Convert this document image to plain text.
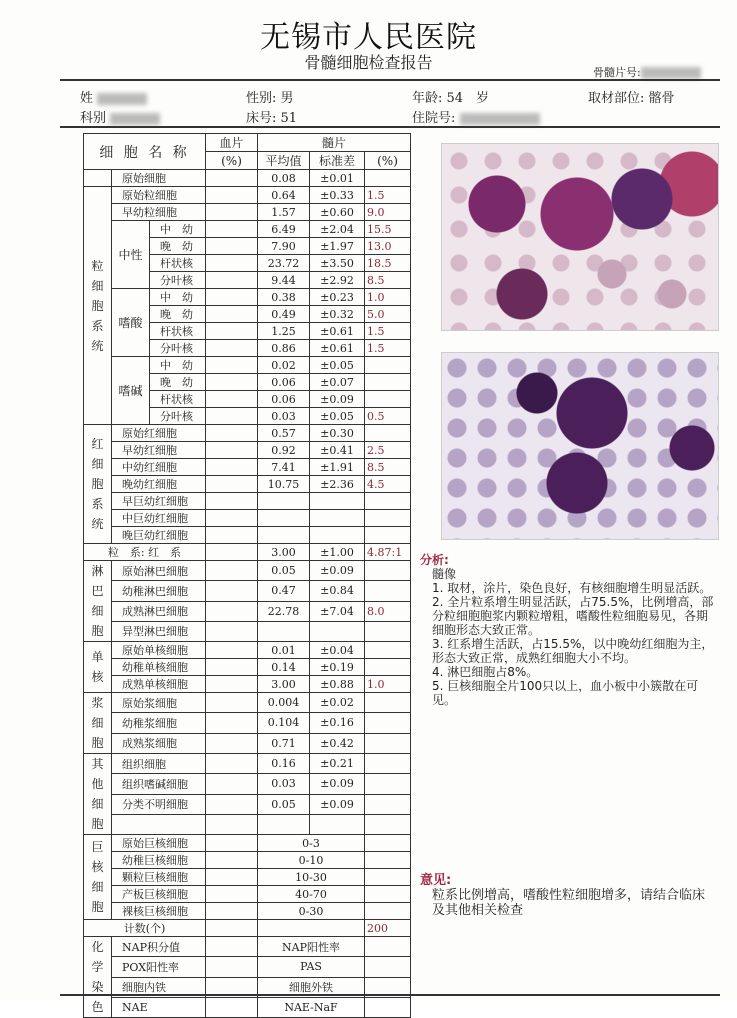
无锡市人民医院
骨髓细胞检查报告
骨髓片号:
姓
科别
性别: 男
床号: 51
年龄: 54　岁
住院号:
取材部位: 髂骨
细 胞 名 称			血片	髓片		
			(%)	平均值	标准差	(%)
	原始细胞			0.08	±0.01	
粒细胞系统	原始粒细胞			0.64	±0.33	1.5
	早幼粒细胞			1.57	±0.60	9.0
	中性	中　幼		6.49	±2.04	15.5
		晚　幼		7.90	±1.97	13.0
		杆状核		23.72	±3.50	18.5
		分叶核		9.44	±2.92	8.5
	嗜酸	中　幼		0.38	±0.23	1.0
		晚　幼		0.49	±0.32	5.0
		杆状核		1.25	±0.61	1.5
		分叶核		0.86	±0.61	1.5
	嗜碱	中　幼		0.02	±0.05	
		晚　幼		0.06	±0.07	
		杆状核		0.06	±0.09	
		分叶核		0.03	±0.05	0.5
红细胞系统	原始红细胞			0.57	±0.30	
	早幼红细胞			0.92	±0.41	2.5
	中幼红细胞			7.41	±1.91	8.5
	晚幼红细胞			10.75	±2.36	4.5
	早巨幼红细胞					
	中巨幼红细胞					
	晚巨幼红细胞					
粒　系: 红　系				3.00	±1.00	4.87:1
淋巴细胞	原始淋巴细胞			0.05	±0.09	
	幼稚淋巴细胞			0.47	±0.84	
	成熟淋巴细胞			22.78	±7.04	8.0
	异型淋巴细胞					
单核	原始单核细胞			0.01	±0.04	
	幼稚单核细胞			0.14	±0.19	
	成熟单核细胞			3.00	±0.88	1.0
浆细胞	原始浆细胞			0.004	±0.02	
	幼稚浆细胞			0.104	±0.16	
	成熟浆细胞			0.71	±0.42	
其他细胞	组织细胞			0.16	±0.21	
	组织嗜碱细胞			0.03	±0.09	
	分类不明细胞			0.05	±0.09	

巨核细胞	原始巨核细胞			0-3		
	幼稚巨核细胞			0-10		
	颗粒巨核细胞			10-30		
	产板巨核细胞			40-70		
	裸核巨核细胞			0-30		
计数(个)						200
化学染色	NAP积分值			NAP阳性率		
	POX阳性率			PAS		
	细胞内铁			细胞外铁		
	NAE			NAE-NaF		
分析:
髓像
1. 取材，涂片，染色良好，有核细胞增生明显活跃。
2. 全片粒系增生明显活跃，占75.5%，比例增高，部分粒细胞胞浆内颗粒增粗，嗜酸性粒细胞易见，各期细胞形态大致正常。
3. 红系增生活跃，占15.5%，以中晚幼红细胞为主，形态大致正常，成熟红细胞大小不均。
4. 淋巴细胞占8%。
5. 巨核细胞全片100只以上，血小板中小簇散在可见。
意见:
粒系比例增高，嗜酸性粒细胞增多，请结合临床及其他相关检查
